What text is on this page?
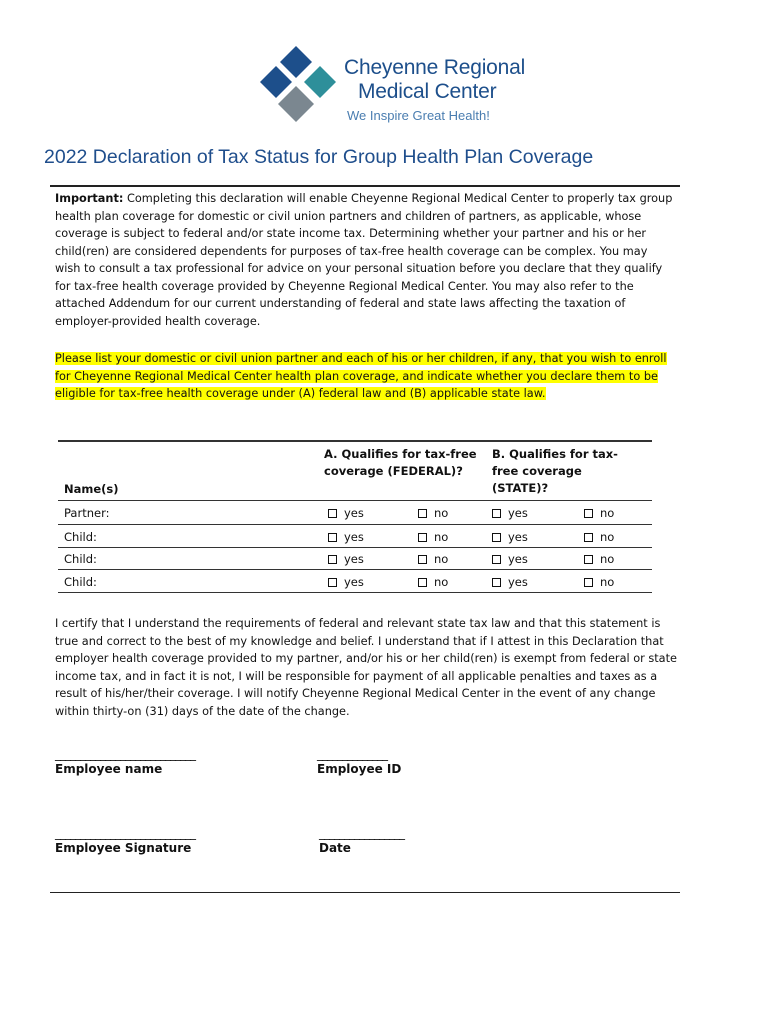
Cheyenne Regional
Medical Center
We Inspire Great Health!
2022 Declaration of Tax Status for Group Health Plan Coverage

Important: Completing this declaration will enable Cheyenne Regional Medical Center to properly tax group health plan coverage for domestic or civil union partners and children of partners, as applicable, whose coverage is subject to federal and/or state income tax. Determining whether your partner and his or her child(ren) are considered dependents for purposes of tax-free health coverage can be complex. You may wish to consult a tax professional for advice on your personal situation before you declare that they qualify for tax-free health coverage provided by Cheyenne Regional Medical Center. You may also refer to the attached Addendum for our current understanding of federal and state laws affecting the taxation of employer-provided health coverage.

Please list your domestic or civil union partner and each of his or her children, if any, that you wish to enroll for Cheyenne Regional Medical Center health plan coverage, and indicate whether you declare them to be eligible for tax-free health coverage under (A) federal law and (B) applicable state law.

Name(s)
A. Qualifies for tax-free coverage (FEDERAL)?
B. Qualifies for tax-free coverage (STATE)?
Partner:	yes	no	yes	no
Child:	yes	no	yes	no
Child:	yes	no	yes	no
Child:	yes	no	yes	no

I certify that I understand the requirements of federal and relevant state tax law and that this statement is true and correct to the best of my knowledge and belief. I understand that if I attest in this Declaration that employer health coverage provided to my partner, and/or his or her child(ren) is exempt from federal or state income tax, and in fact it is not, I will be responsible for payment of all applicable penalties and taxes as a result of his/her/their coverage. I will notify Cheyenne Regional Medical Center in the event of any change within thirty-on (31) days of the date of the change.

____________________________
Employee name
______________
Employee ID
____________________________
Employee Signature
_________________
Date
